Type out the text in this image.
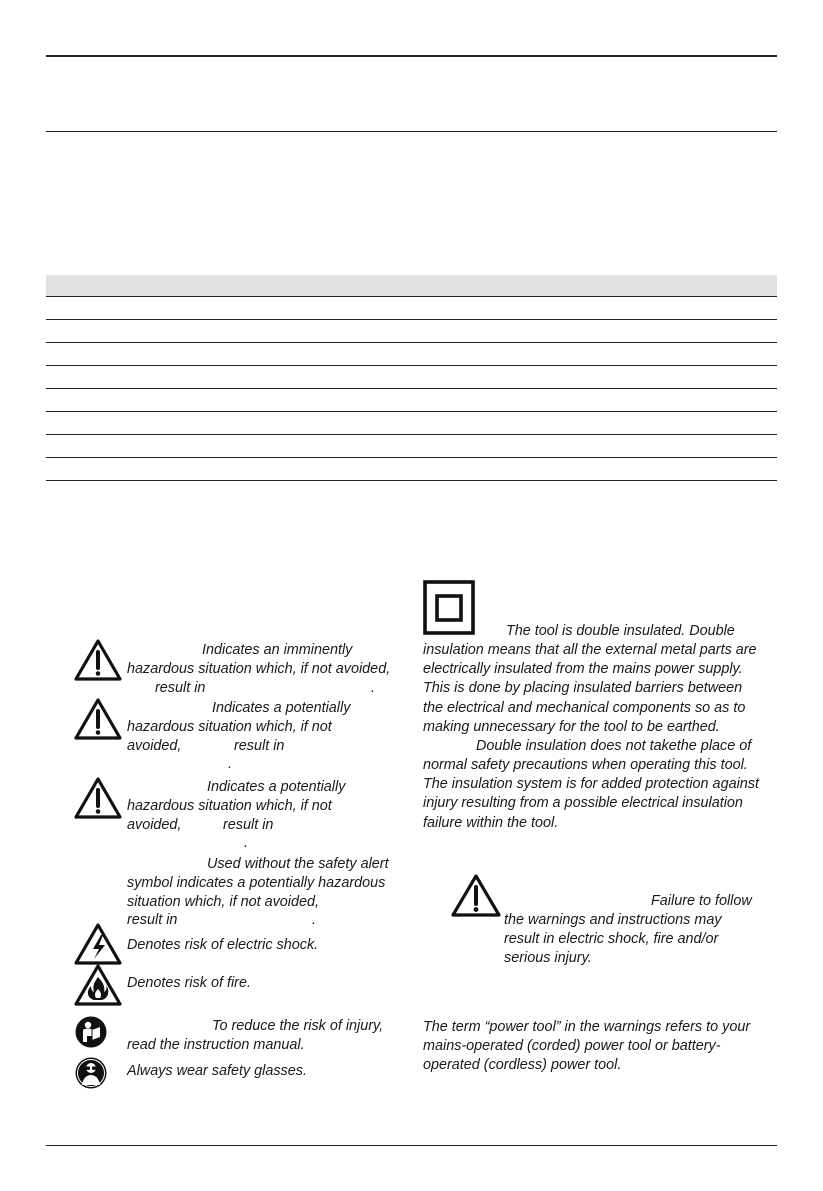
Indicates an imminently
hazardous situation which, if not avoided,
result in	.
Indicates a potentially
hazardous situation which, if not
avoided,	result in
.
Indicates a potentially
hazardous situation which, if not
avoided,	result in
.
Used without the safety alert
symbol indicates a potentially hazardous
situation which, if not avoided,
result in	.
Denotes risk of electric shock.
Denotes risk of fire.
To reduce the risk of injury,
read the instruction manual.
Always wear safety glasses.
The tool is double insulated. Double

insulation means that all the external metal parts are

electrically insulated from the mains power supply.

This is done by placing insulated barriers between

the electrical and mechanical components so as to

making unnecessary for the tool to be earthed.

Double insulation does not takethe place of

normal safety precautions when operating this tool.

The insulation system is for added protection against

injury resulting from a possible electrical insulation

failure within the tool.

Failure to follow

the warnings and instructions may

result in electric shock, fire and/or

serious injury.

The term “power tool” in the warnings refers to your

mains-operated (corded) power tool or battery-

operated (cordless) power tool.
